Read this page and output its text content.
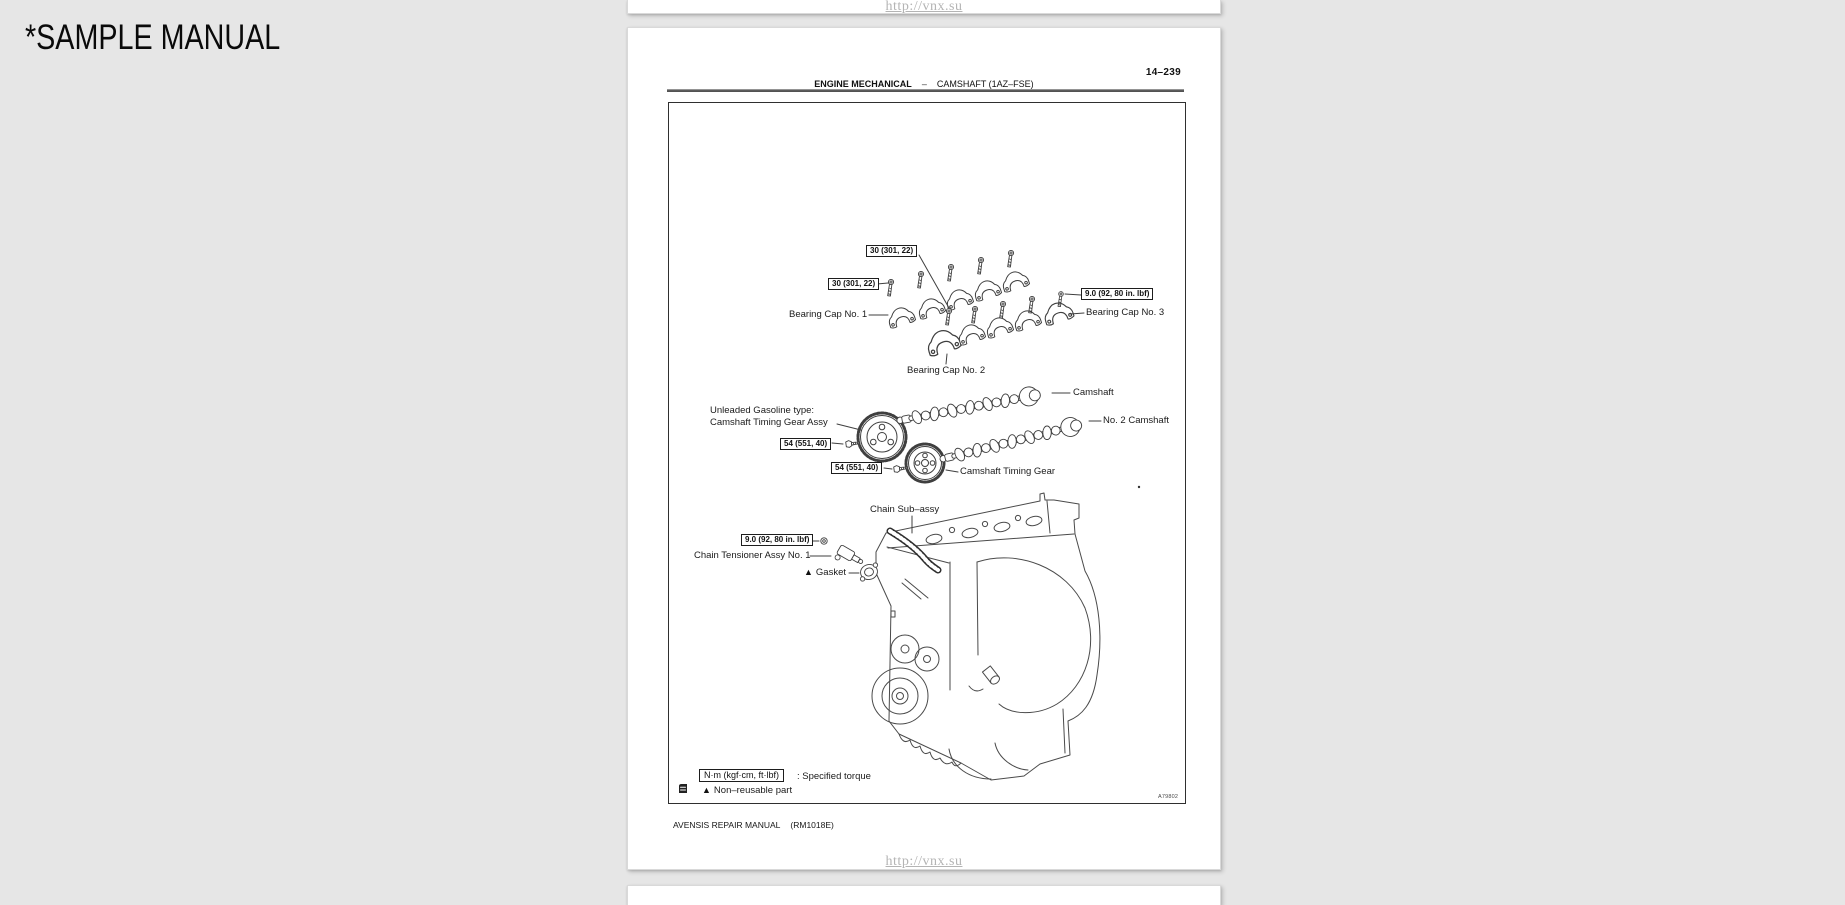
*SAMPLE MANUAL
http://vnx.su
14–239
ENGINE MECHANICAL – CAMSHAFT (1AZ–FSE)
30 (301, 22)
30 (301, 22)
9.0 (92, 80 in. lbf)
54 (551, 40)
54 (551, 40)
9.0 (92, 80 in. lbf)
Bearing Cap No. 1
Bearing Cap No. 2
Bearing Cap No. 3
Camshaft
No. 2 Camshaft
Unleaded Gasoline type:
Camshaft Timing Gear Assy
Camshaft Timing Gear
Chain Sub–assy
Chain Tensioner Assy No. 1
▲ Gasket
N·m (kgf·cm, ft·lbf)	: Specified torque
▲ Non–reusable part
A79802
AVENSIS REPAIR MANUAL (RM1018E)
http://vnx.su
